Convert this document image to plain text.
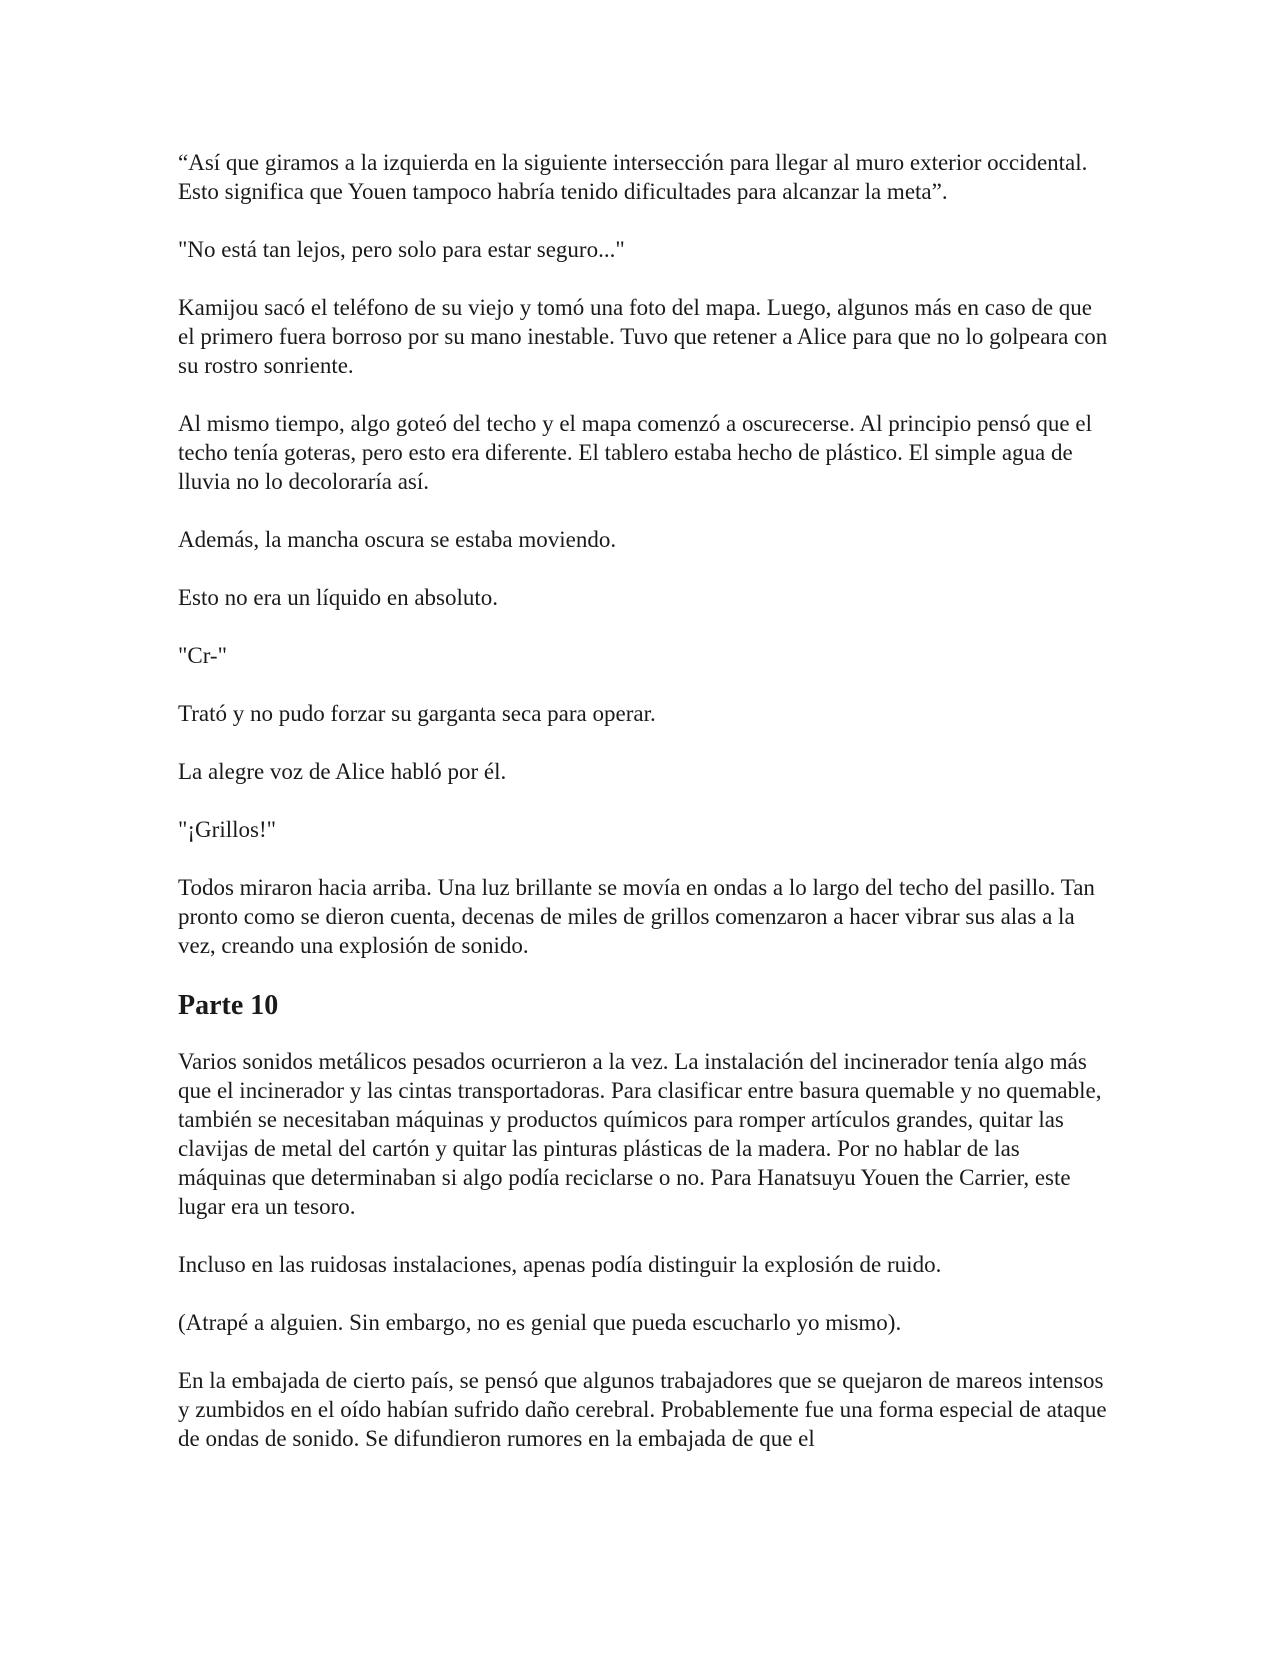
“Así que giramos a la izquierda en la siguiente intersección para llegar al muro exterior occidental. Esto significa que Youen tampoco habría tenido dificultades para alcanzar la meta”.

"No está tan lejos, pero solo para estar seguro..."

Kamijou sacó el teléfono de su viejo y tomó una foto del mapa. Luego, algunos más en caso de que el primero fuera borroso por su mano inestable. Tuvo que retener a Alice para que no lo golpeara con su rostro sonriente.

Al mismo tiempo, algo goteó del techo y el mapa comenzó a oscurecerse. Al principio pensó que el techo tenía goteras, pero esto era diferente. El tablero estaba hecho de plástico. El simple agua de lluvia no lo decoloraría así.

Además, la mancha oscura se estaba moviendo.

Esto no era un líquido en absoluto.

"Cr-"

Trató y no pudo forzar su garganta seca para operar.

La alegre voz de Alice habló por él.

"¡Grillos!"

Todos miraron hacia arriba. Una luz brillante se movía en ondas a lo largo del techo del pasillo. Tan pronto como se dieron cuenta, decenas de miles de grillos comenzaron a hacer vibrar sus alas a la vez, creando una explosión de sonido.

Parte 10

Varios sonidos metálicos pesados ocurrieron a la vez. La instalación del incinerador tenía algo más que el incinerador y las cintas transportadoras. Para clasificar entre basura quemable y no quemable, también se necesitaban máquinas y productos químicos para romper artículos grandes, quitar las clavijas de metal del cartón y quitar las pinturas plásticas de la madera. Por no hablar de las máquinas que determinaban si algo podía reciclarse o no. Para Hanatsuyu Youen the Carrier, este lugar era un tesoro.

Incluso en las ruidosas instalaciones, apenas podía distinguir la explosión de ruido.

(Atrapé a alguien. Sin embargo, no es genial que pueda escucharlo yo mismo).

En la embajada de cierto país, se pensó que algunos trabajadores que se quejaron de mareos intensos y zumbidos en el oído habían sufrido daño cerebral. Probablemente fue una forma especial de ataque de ondas de sonido. Se difundieron rumores en la embajada de que el
